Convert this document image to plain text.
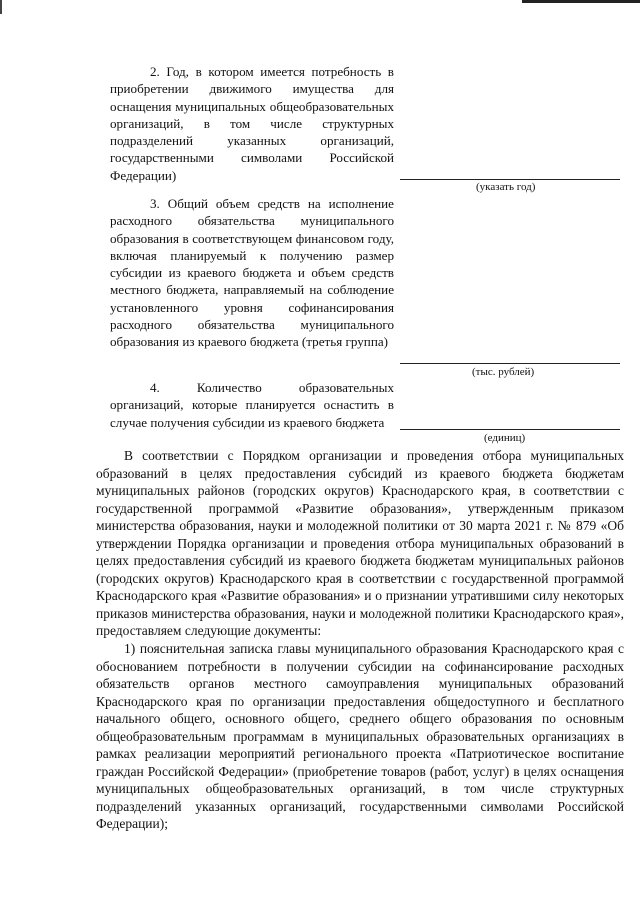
2. Год, в котором имеется потребность в приобретении движимого имущества для оснащения муниципальных общеобразовательных организаций, в том числе структурных подразделений указанных организаций, государственными символами Российской Федерации)

(указать год)

3. Общий объем средств на исполнение расходного обязательства муниципального образования в соответствующем финансовом году, включая планируемый к получению размер субсидии из краевого бюджета и объем средств местного бюджета, направляемый на соблюдение установленного уровня софинансирования расходного обязательства муниципального образования из краевого бюджета (третья группа)

(тыс. рублей)

4. Количество образовательных организаций, которые планируется оснастить в случае получения субсидии из краевого бюджета

(единиц)

В соответствии с Порядком организации и проведения отбора муниципальных образований в целях предоставления субсидий из краевого бюджета бюджетам муниципальных районов (городских округов) Краснодарского края, в соответствии с государственной программой «Развитие образования», утвержденным приказом министерства образования, науки и молодежной политики от 30 марта 2021 г. № 879 «Об утверждении Порядка организации и проведения отбора муниципальных образований в целях предоставления субсидий из краевого бюджета бюджетам муниципальных районов (городских округов) Краснодарского края в соответствии с государственной программой Краснодарского края «Развитие образования» и о признании утратившими силу некоторых приказов министерства образования, науки и молодежной политики Краснодарского края», предоставляем следующие документы:

1) пояснительная записка главы муниципального образования Краснодарского края с обоснованием потребности в получении субсидии на софинансирование расходных обязательств органов местного самоуправления муниципальных образований Краснодарского края по организации предоставления общедоступного и бесплатного начального общего, основного общего, среднего общего образования по основным общеобразовательным программам в муниципальных образовательных организациях в рамках реализации мероприятий регионального проекта «Патриотическое воспитание граждан Российской Федерации» (приобретение товаров (работ, услуг) в целях оснащения муниципальных общеобразовательных организаций, в том числе структурных подразделений указанных организаций, государственными символами Российской Федерации);
